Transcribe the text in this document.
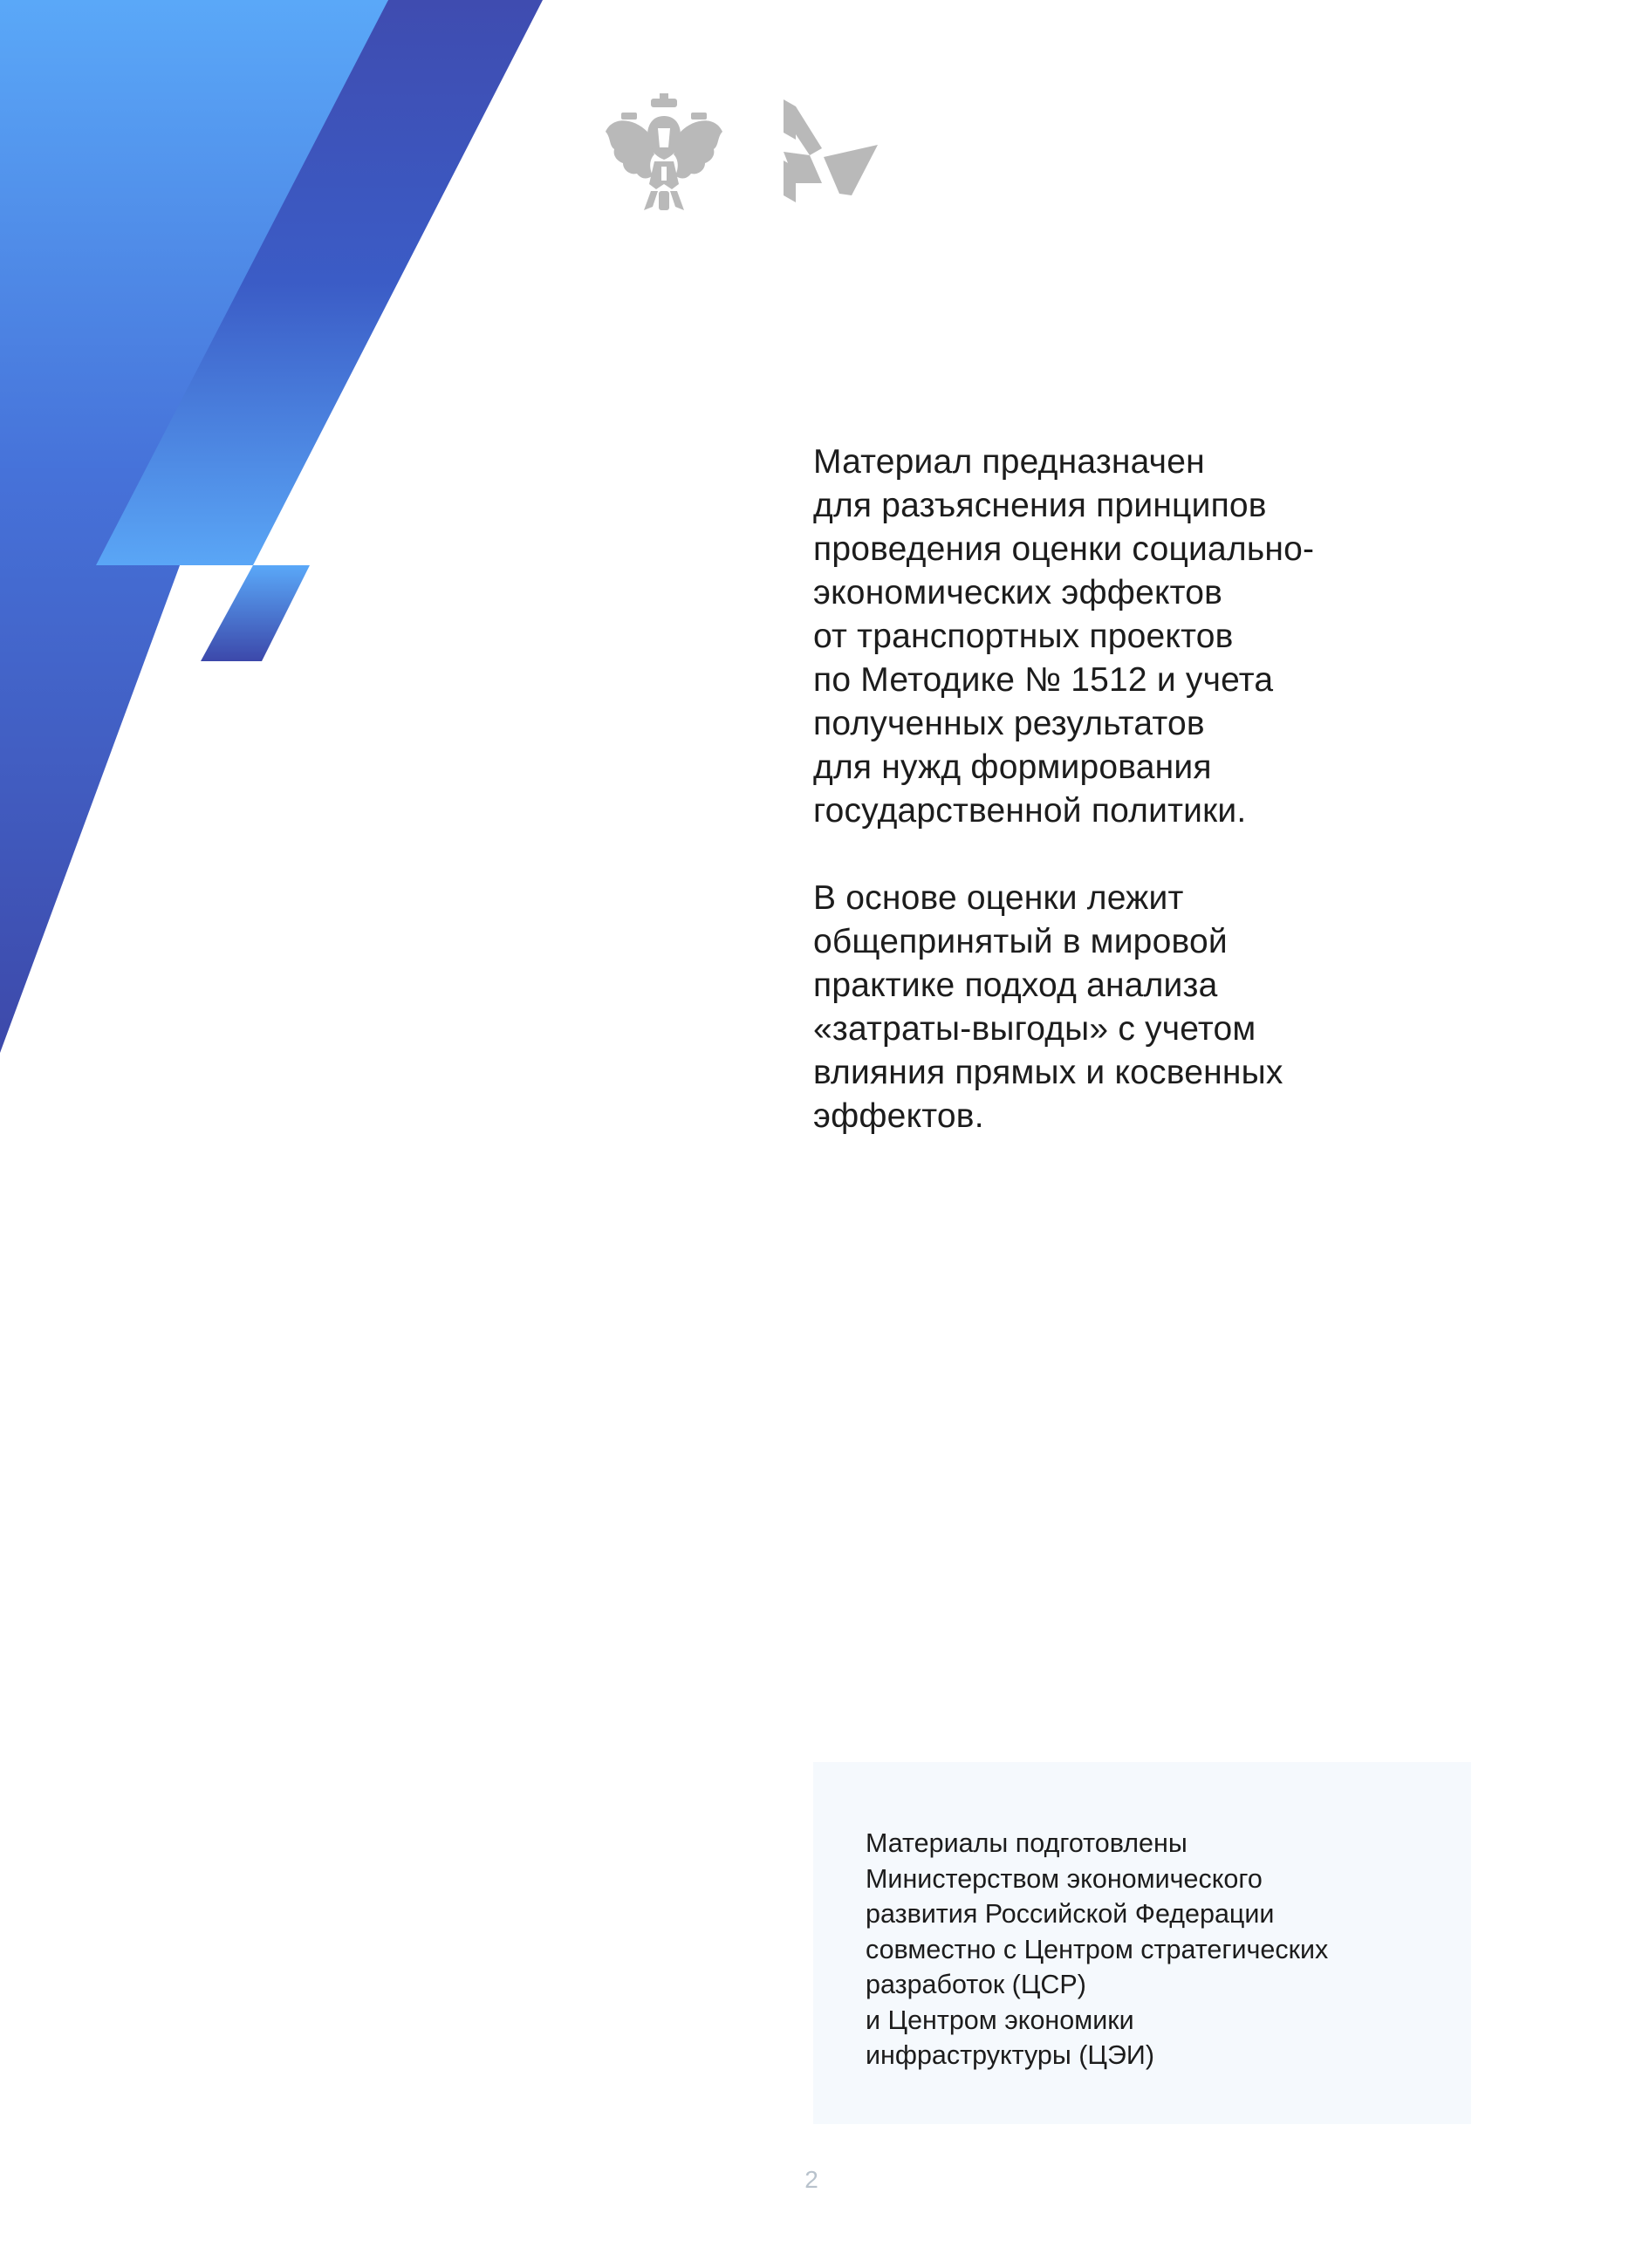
Материал предназначен
для разъяснения принципов
проведения оценки социально-
экономических эффектов
от транспортных проектов
по Методике № 1512 и учета
полученных результатов
для нужд формирования
государственной политики.

В основе оценки лежит
общепринятый в мировой
практике подход анализа
«затраты-выгоды» с учетом
влияния прямых и косвенных
эффектов.

Материалы подготовлены
Министерством экономического
развития Российской Федерации
совместно с Центром стратегических
разработок (ЦСР)
и Центром экономики
инфраструктуры (ЦЭИ)

2
